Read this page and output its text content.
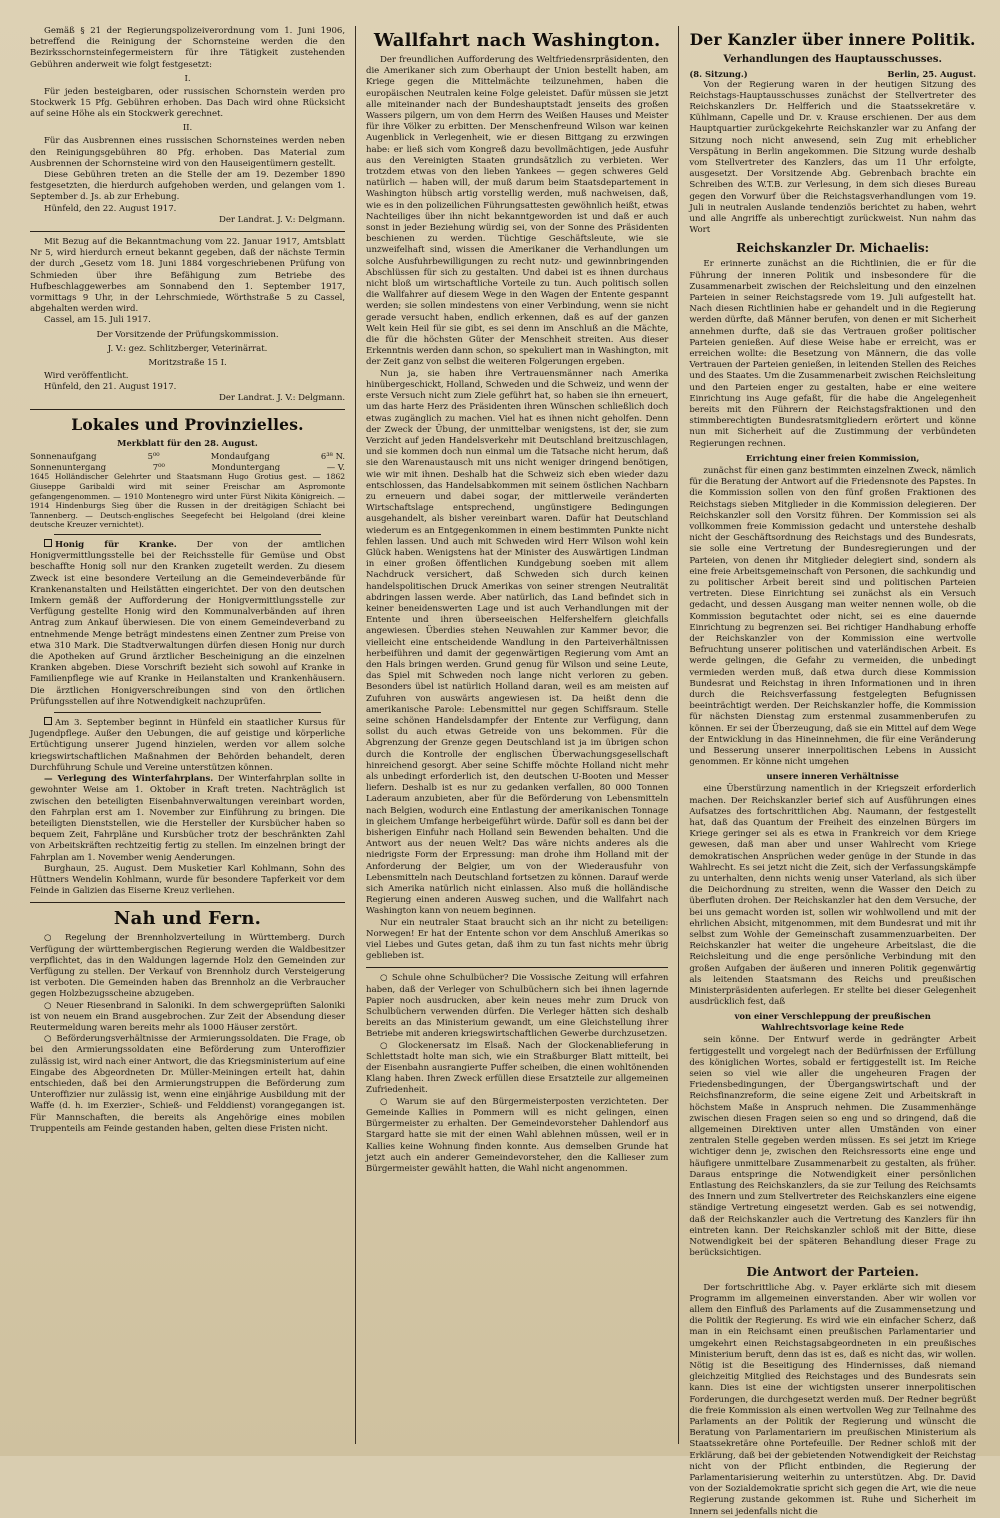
Gemäß § 21 der Regierungspolizeiverordnung vom 1. Juni 1906, betreffend die Reinigung der Schornsteine werden die den Bezirksschornsteinfegermeistern für ihre Tätigkeit zustehenden Gebühren anderweit wie folgt festgesetzt:

I.

Für jeden besteigbaren, oder russischen Schornstein werden pro Stockwerk 15 Pfg. Gebühren erhoben. Das Dach wird ohne Rücksicht auf seine Höhe als ein Stockwerk gerechnet.

II.

Für das Ausbrennen eines russischen Schornsteines werden neben den Reinigungsgebühren 80 Pfg. erhoben. Das Material zum Ausbrennen der Schornsteine wird von den Hauseigentümern gestellt.

Diese Gebühren treten an die Stelle der am 19. Dezember 1890 festgesetzten, die hierdurch aufgehoben werden, und gelangen vom 1. September d. Js. ab zur Erhebung.

Hünfeld, den 22. August 1917.

Der Landrat. J. V.: Delgmann.

Mit Bezug auf die Bekanntmachung vom 22. Januar 1917, Amtsblatt Nr 5, wird hierdurch erneut bekannt gegeben, daß der nächste Termin der durch „Gesetz vom 18. Juni 1884 vorgeschriebenen Prüfung von Schmieden über ihre Befähigung zum Betriebe des Hufbeschlaggewerbes am Sonnabend den 1. September 1917, vormittags 9 Uhr, in der Lehrschmiede, Wörthstraße 5 zu Cassel, abgehalten werden wird.

Cassel, am 15. Juli 1917.

Der Vorsitzende der Prüfungskommission.

J. V.: gez. Schlitzberger, Veterinärrat.

Moritzstraße 15 I.

Wird veröffentlicht.

Hünfeld, den 21. August 1917.

Der Landrat. J. V.: Delgmann.

Lokales und Provinzielles.
Merkblatt für den 28. August.
Sonnenaufgang	5⁰⁰	Mondaufgang	6³⁸ N.
Sonnenuntergang	7⁰⁰	Monduntergang	— V.

1645 Holländischer Gelehrter und Staatsmann Hugo Grotius gest. — 1862 Giuseppe Garibaldi wird mit seiner Freischar am Aspromonte gefangengenommen. — 1910 Montenegro wird unter Fürst Nikita Königreich. — 1914 Hindenburgs Sieg über die Russen in der dreitägigen Schlacht bei Tannenberg. — Deutsch-englisches Seegefecht bei Helgoland (drei kleine deutsche Kreuzer vernichtet).

Honig für Kranke. Der von der amtlichen Honigvermittlungsstelle bei der Reichsstelle für Gemüse und Obst beschaffte Honig soll nur den Kranken zugeteilt werden. Zu diesem Zweck ist eine besondere Verteilung an die Gemeindeverbände für Krankenanstalten und Heilstätten eingerichtet. Der von den deutschen Imkern gemäß der Aufforderung der Honigvermittlungsstelle zur Verfügung gestellte Honig wird den Kommunalverbänden auf ihren Antrag zum Ankauf überwiesen. Die von einem Gemeindeverband zu entnehmende Menge beträgt mindestens einen Zentner zum Preise von etwa 310 Mark. Die Stadtverwaltungen dürfen diesen Honig nur durch die Apotheken auf Grund ärztlicher Bescheinigung an die einzelnen Kranken abgeben. Diese Vorschrift bezieht sich sowohl auf Kranke in Familienpflege wie auf Kranke in Heilanstalten und Krankenhäusern. Die ärztlichen Honigverschreibungen sind von den örtlichen Prüfungsstellen auf ihre Notwendigkeit nachzuprüfen.

Am 3. September beginnt in Hünfeld ein staatlicher Kursus für Jugendpflege. Außer den Uebungen, die auf geistige und körperliche Ertüchtigung unserer Jugend hinzielen, werden vor allem solche kriegswirtschaftlichen Maßnahmen der Behörden behandelt, deren Durchführung Schule und Vereine unterstützen können.

— Verlegung des Winterfahrplans. Der Winterfahrplan sollte in gewohnter Weise am 1. Oktober in Kraft treten. Nachträglich ist zwischen den beteiligten Eisenbahnverwaltungen vereinbart worden, den Fahrplan erst am 1. November zur Einführung zu bringen. Die beteiligten Dienststellen, wie die Hersteller der Kursbücher haben so bequem Zeit, Fahrpläne und Kursbücher trotz der beschränkten Zahl von Arbeitskräften rechtzeitig fertig zu stellen. Im einzelnen bringt der Fahrplan am 1. November wenig Aenderungen.

Burghaun, 25. August. Dem Musketier Karl Kohlmann, Sohn des Hüttners Wendelin Kohlmann, wurde für besondere Tapferkeit vor dem Feinde in Galizien das Eiserne Kreuz verliehen.

Nah und Fern.

○ Regelung der Brennholzverteilung in Württemberg. Durch Verfügung der württembergischen Regierung werden die Waldbesitzer verpflichtet, das in den Waldungen lagernde Holz den Gemeinden zur Verfügung zu stellen. Der Verkauf von Brennholz durch Versteigerung ist verboten. Die Gemeinden haben das Brennholz an die Verbraucher gegen Holzbezugsscheine abzugeben.

○ Neuer Riesenbrand in Saloniki. In dem schwergeprüften Saloniki ist von neuem ein Brand ausgebrochen. Zur Zeit der Absendung dieser Reutermeldung waren bereits mehr als 1000 Häuser zerstört.

○ Beförderungsverhältnisse der Armierungssoldaten. Die Frage, ob bei den Armierungssoldaten eine Beförderung zum Unteroffizier zulässig ist, wird nach einer Antwort, die das Kriegsministerium auf eine Eingabe des Abgeordneten Dr. Müller-Meiningen erteilt hat, dahin entschieden, daß bei den Armierungstruppen die Beförderung zum Unteroffizier nur zulässig ist, wenn eine einjährige Ausbildung mit der Waffe (d. h. im Exerzier-, Schieß- und Felddienst) vorangegangen ist. Für Mannschaften, die bereits als Angehörige eines mobilen Truppenteils am Feinde gestanden haben, gelten diese Fristen nicht.

Wallfahrt nach Washington.

Der freundlichen Aufforderung des Weltfriedensrpräsidenten, den die Amerikaner sich zum Oberhaupt der Union bestellt haben, am Kriege gegen die Mittelmächte teilzunehmen, haben die europäischen Neutralen keine Folge geleistet. Dafür müssen sie jetzt alle miteinander nach der Bundeshauptstadt jenseits des großen Wassers pilgern, um von dem Herrn des Weißen Hauses und Meister für ihre Völker zu erbitten. Der Menschenfreund Wilson war keinen Augenblick in Verlegenheit, wie er diesen Bittgang zu erzwingen habe: er ließ sich vom Kongreß dazu bevollmächtigen, jede Ausfuhr aus den Vereinigten Staaten grundsätzlich zu verbieten. Wer trotzdem etwas von den lieben Yankees — gegen schweres Geld natürlich — haben will, der muß darum beim Staatsdepartement in Washington hübsch artig vorstellig werden, muß nachweisen, daß, wie es in den polizeilichen Führungsattesten gewöhnlich heißt, etwas Nachteiliges über ihn nicht bekanntgeworden ist und daß er auch sonst in jeder Beziehung würdig sei, von der Sonne des Präsidenten beschienen zu werden. Tüchtige Geschäftsleute, wie sie unzweifelhaft sind, wissen die Amerikaner die Verhandlungen um solche Ausfuhrbewilligungen zu recht nutz- und gewinnbringenden Abschlüssen für sich zu gestalten. Und dabei ist es ihnen durchaus nicht bloß um wirtschaftliche Vorteile zu tun. Auch politisch sollen die Wallfahrer auf diesem Wege in den Wagen der Entente gespannt werden; sie sollen mindestens von einer Verbindung, wenn sie nicht gerade versucht haben, endlich erkennen, daß es auf der ganzen Welt kein Heil für sie gibt, es sei denn im Anschluß an die Mächte, die für die höchsten Güter der Menschheit streiten. Aus dieser Erkenntnis werden dann schon, so spekuliert man in Washington, mit der Zeit ganz von selbst die weiteren Folgerungen ergeben.

Nun ja, sie haben ihre Vertrauensmänner nach Amerika hinübergeschickt, Holland, Schweden und die Schweiz, und wenn der erste Versuch nicht zum Ziele geführt hat, so haben sie ihn erneuert, um das harte Herz des Präsidenten ihren Wünschen schließlich doch etwas zugänglich zu machen. Viel hat es ihnen nicht geholfen. Denn der Zweck der Übung, der unmittelbar wenigstens, ist der, sie zum Verzicht auf jeden Handelsverkehr mit Deutschland breitzuschlagen, und sie kommen doch nun einmal um die Tatsache nicht herum, daß sie den Warenaustausch mit uns nicht weniger dringend benötigen, wie wir mit ihnen. Deshalb hat die Schweiz sich eben wieder dazu entschlossen, das Handelsabkommen mit seinem östlichen Nachbarn zu erneuern und dabei sogar, der mittlerweile veränderten Wirtschaftslage entsprechend, ungünstigere Bedingungen ausgehandelt, als bisher vereinbart waren. Dafür hat Deutschland wiederum es an Entgegenkommen in einem bestimmten Punkte nicht fehlen lassen. Und auch mit Schweden wird Herr Wilson wohl kein Glück haben. Wenigstens hat der Minister des Auswärtigen Lindman in einer großen öffentlichen Kundgebung soeben mit allem Nachdruck versichert, daß Schweden sich durch keinen handelspolitischen Druck Amerikas von seiner strengen Neutralität abdringen lassen werde. Aber natürlich, das Land befindet sich in keiner beneidenswerten Lage und ist auch Verhandlungen mit der Entente und ihren überseeischen Helfershelfern gleichfalls angewiesen. Überdies stehen Neuwahlen zur Kammer bevor, die vielleicht eine entscheidende Wandlung in den Parteiverhältnissen herbeiführen und damit der gegenwärtigen Regierung vom Amt an den Hals bringen werden. Grund genug für Wilson und seine Leute, das Spiel mit Schweden noch lange nicht verloren zu geben. Besonders übel ist natürlich Holland daran, weil es am meisten auf Zufuhren von auswärts angewiesen ist. Da heißt denn die amerikanische Parole: Lebensmittel nur gegen Schiffsraum. Stelle seine schönen Handelsdampfer der Entente zur Verfügung, dann sollst du auch etwas Getreide von uns bekommen. Für die Abgrenzung der Grenze gegen Deutschland ist ja im übrigen schon durch die Kontrolle der englischen Überwachungsgesellschaft hinreichend gesorgt. Aber seine Schiffe möchte Holland nicht mehr als unbedingt erforderlich ist, den deutschen U-Booten und Messer liefern. Deshalb ist es nur zu gedanken verfallen, 80 000 Tonnen Laderaum anzubieten, aber für die Beförderung von Lebensmitteln nach Belgien, wodurch eine Entlastung der amerikanischen Tonnage in gleichem Umfange herbeigeführt würde. Dafür soll es dann bei der bisherigen Einfuhr nach Holland sein Bewenden behalten. Und die Antwort aus der neuen Welt? Das wäre nichts anderes als die niedrigste Form der Erpressung: man drohe ihm Holland mit der Anforderung der Belgier, um von der Wiederausfuhr von Lebensmitteln nach Deutschland fortsetzen zu können. Darauf werde sich Amerika natürlich nicht einlassen. Also muß die holländische Regierung einen anderen Ausweg suchen, und die Wallfahrt nach Washington kann von neuem beginnen.

Nur ein neutraler Staat braucht sich an ihr nicht zu beteiligen: Norwegen! Er hat der Entente schon vor dem Anschluß Amerikas so viel Liebes und Gutes getan, daß ihm zu tun fast nichts mehr übrig geblieben ist.

○ Schule ohne Schulbücher? Die Vossische Zeitung will erfahren haben, daß der Verleger von Schulbüchern sich bei ihnen lagernde Papier noch ausdrucken, aber kein neues mehr zum Druck von Schulbüchern verwenden dürfen. Die Verleger hätten sich deshalb bereits an das Ministerium gewandt, um eine Gleichstellung ihrer Betriebe mit anderen kriegswirtschaftlichen Gewerbe durchzusetzen.

○ Glockenersatz im Elsaß. Nach der Glockenablieferung in Schlettstadt holte man sich, wie ein Straßburger Blatt mitteilt, bei der Eisenbahn ausrangierte Puffer scheiben, die einen wohltönenden Klang haben. Ihren Zweck erfüllen diese Ersatzteile zur allgemeinen Zufriedenheit.

○ Warum sie auf den Bürgermeisterposten verzichteten. Der Gemeinde Kallies in Pommern will es nicht gelingen, einen Bürgermeister zu erhalten. Der Gemeindevorsteher Dahlendorf aus Stargard hatte sie mit der einen Wahl ablehnen müssen, weil er in Kallies keine Wohnung finden konnte. Aus demselben Grunde hat jetzt auch ein anderer Gemeindevorsteher, den die Kallieser zum Bürgermeister gewählt hatten, die Wahl nicht angenommen.

Der Kanzler über innere Politik.
Verhandlungen des Hauptausschusses.
(8. Sitzung.)	Berlin, 25. August.

Von der Regierung waren in der heutigen Sitzung des Reichstags-Hauptausschusses zunächst der Stellvertreter des Reichskanzlers Dr. Helfferich und die Staatssekretäre v. Kühlmann, Capelle und Dr. v. Krause erschienen. Der aus dem Hauptquartier zurückgekehrte Reichskanzler war zu Anfang der Sitzung noch nicht anwesend, sein Zug mit erheblicher Verspätung in Berlin angekommen. Die Sitzung wurde deshalb vom Stellvertreter des Kanzlers, das um 11 Uhr erfolgte, ausgesetzt. Der Vorsitzende Abg. Gebrenbach brachte ein Schreiben des W.T.B. zur Verlesung, in dem sich dieses Bureau gegen den Vorwurf über die Reichstagsverhandlungen vom 19. Juli in neutralen Auslande tendenziös berichtet zu haben, wehrt und alle Angriffe als unberechtigt zurückweist. Nun nahm das Wort

Reichskanzler Dr. Michaelis:

Er erinnerte zunächst an die Richtlinien, die er für die Führung der inneren Politik und insbesondere für die Zusammenarbeit zwischen der Reichsleitung und den einzelnen Parteien in seiner Reichstagsrede vom 19. Juli aufgestellt hat. Nach diesen Richtlinien habe er gehandelt und in die Regierung werden dürfte, daß Männer berufen, von denen er mit Sicherheit annehmen durfte, daß sie das Vertrauen großer politischer Parteien genießen. Auf diese Weise habe er erreicht, was er erreichen wollte: die Besetzung von Männern, die das volle Vertrauen der Parteien genießen, in leitenden Stellen des Reiches und des Staates. Um die Zusammenarbeit zwischen Reichsleitung und den Parteien enger zu gestalten, habe er eine weitere Einrichtung ins Auge gefaßt, für die habe die Angelegenheit bereits mit den Führern der Reichstagsfraktionen und den stimmberechtigten Bundesratsmitgliedern erörtert und könne nun mit Sicherheit auf die Zustimmung der verbündeten Regierungen rechnen.

Errichtung einer freien Kommission,

zunächst für einen ganz bestimmten einzelnen Zweck, nämlich für die Beratung der Antwort auf die Friedensnote des Papstes. In die Kommission sollen von den fünf großen Fraktionen des Reichstags sieben Mitglieder in die Kommission delegieren. Der Reichskanzler soll den Vorsitz führen. Der Kommission sei als vollkommen freie Kommission gedacht und unterstehe deshalb nicht der Geschäftsordnung des Reichstags und des Bundesrats, sie solle eine Vertretung der Bundesregierungen und der Parteien, von denen ihr Mitglieder delegiert sind, sondern als eine freie Arbeitsgemeinschaft von Personen, die sachkundig und zu politischer Arbeit bereit sind und politischen Parteien vertreten. Diese Einrichtung sei zunächst als ein Versuch gedacht, und dessen Ausgang man weiter nennen wolle, ob die Kommission begutachtet oder nicht, sei es eine dauernde Einrichtung zu begrenzen sei. Bei richtiger Handhabung erhoffe der Reichskanzler von der Kommission eine wertvolle Befruchtung unserer politischen und vaterländischen Arbeit. Es werde gelingen, die Gefahr zu vermeiden, die unbedingt vermieden werden muß, daß etwa durch diese Kommission Bundesrat und Reichstag in ihren Informationen und in ihren durch die Reichsverfassung festgelegten Befugnissen beeinträchtigt werden. Der Reichskanzler hoffe, die Kommission für nächsten Dienstag zum erstenmal zusammenberufen zu können. Er sei der Überzeugung, daß sie ein Mittel auf dem Wege der Entwicklung in das Hineinnehmen, die für eine Veränderung und Besserung unserer innerpolitischen Lebens in Aussicht genommen. Er könne nicht umgehen

unsere inneren Verhältnisse

eine Überstürzung namentlich in der Kriegszeit erforderlich machen. Der Reichskanzler berief sich auf Ausführungen eines Aufsatzes des fortschrittlichen Abg. Naumann, der festgestellt hat, daß das Quantum der Freiheit des einzelnen Bürgers im Kriege geringer sei als es etwa in Frankreich vor dem Kriege gewesen, daß man aber und unser Wahlrecht vom Kriege demokratischen Ansprüchen weder genüge in der Stunde in das Wahlrecht. Es sei jetzt nicht die Zeit, sich der Verfassungskämpfe zu unterhalten, denn nichts wenig unser Vaterland, als sich über die Deichordnung zu streiten, wenn die Wasser den Deich zu überfluten drohen. Der Reichskanzler hat den dem Versuche, der bei uns gemacht worden ist, sollen wir wohlwollend und mit der ehrlichen Absicht, mitgenommen, mit dem Bundesrat und mit ihr selbst zum Wohle der Gemeinschaft zusammenzuarbeiten. Der Reichskanzler hat weiter die ungeheure Arbeitslast, die die Reichsleitung und die enge persönliche Verbindung mit den großen Aufgaben der äußeren und inneren Politik gegenwärtig als leitenden Staatsmann des Reichs und preußischen Ministerpräsidenten auferlegen. Er stellte bei dieser Gelegenheit ausdrücklich fest, daß

von einer Verschleppung der preußischen Wahlrechtsvorlage keine Rede

sein könne. Der Entwurf werde in gedrängter Arbeit fertiggestellt und vorgelegt nach der Bedürfnissen der Erfüllung des königlichen Wortes, sobald er fertiggestellt ist. Im Reiche seien so viel wie aller die ungeheuren Fragen der Friedensbedingungen, der Übergangswirtschaft und der Reichsfinanzreform, die seine eigene Zeit und Arbeitskraft in höchstem Maße in Anspruch nehmen. Die Zusammenhänge zwischen diesen Fragen seien so eng und so dringend, daß die allgemeinen Direktiven unter allen Umständen von einer zentralen Stelle gegeben werden müssen. Es sei jetzt im Kriege wichtiger denn je, zwischen den Reichsressorts eine enge und häufigere unmittelbare Zusammenarbeit zu gestalten, als früher. Daraus entspringe die Notwendigkeit einer persönlichen Entlastung des Reichskanzlers, da sie zur Teilung des Reichsamts des Innern und zum Stellvertreter des Reichskanzlers eine eigene ständige Vertretung eingesetzt werden. Gab es sei notwendig, daß der Reichskanzler auch die Vertretung des Kanzlers für ihn eintreten kann. Der Reichskanzler schloß mit der Bitte, diese Notwendigkeit bei der späteren Behandlung dieser Frage zu berücksichtigen.

Die Antwort der Parteien.

Der fortschrittliche Abg. v. Payer erklärte sich mit diesem Programm im allgemeinen einverstanden. Aber wir wollen vor allem den Einfluß des Parlaments auf die Zusammensetzung und die Politik der Regierung. Es wird wie ein einfacher Scherz, daß man in ein Reichsamt einen preußischen Parlamentarier und umgekehrt einen Reichstagsabgeordneten in ein preußisches Ministerium beruft, denn das ist es, daß es nicht das, wir wollen. Nötig ist die Beseitigung des Hindernisses, daß niemand gleichzeitig Mitglied des Reichstages und des Bundesrats sein kann. Dies ist eine der wichtigsten unserer innerpolitischen Forderungen, die durchgesetzt werden muß. Der Redner begrüßt die freie Kommission als einen wertvollen Weg zur Teilnahme des Parlaments an der Politik der Regierung und wünscht die Beratung von Parlamentariern im preußischen Ministerium als Staatssekretäre ohne Portefeuille. Der Redner schloß mit der Erklärung, daß bei der gebietenden Notwendigkeit der Reichstag nicht von der Pflicht entbinden, die Regierung der Parlamentarisierung weiterhin zu unterstützen. Abg. Dr. David von der Sozialdemokratie spricht sich gegen die Art, wie die neue Regierung zustande gekommen ist. Ruhe und Sicherheit im Innern sei jedenfalls nicht die
